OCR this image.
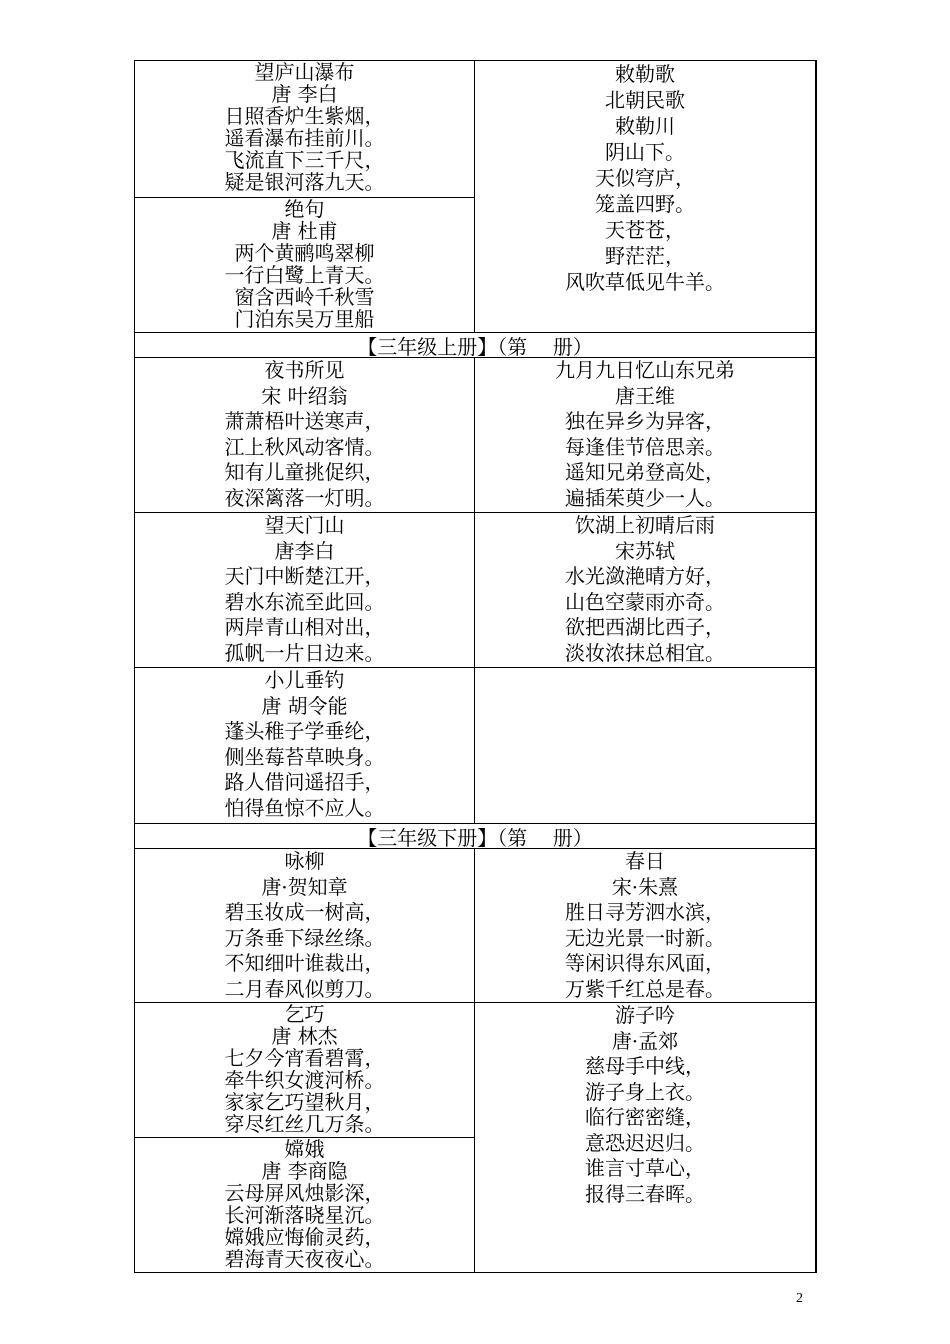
望庐山瀑布
唐 李白
日照香炉生紫烟，
遥看瀑布挂前川。
飞流直下三千尺，
疑是银河落九天。
绝句
唐 杜甫
两个黄鹂鸣翠柳
一行白鹭上青天。
窗含西岭千秋雪
门泊东吴万里船
敕勒歌
北朝民歌
敕勒川
阴山下。
天似穹庐，
笼盖四野。
天苍苍，
野茫茫，
风吹草低见牛羊。
【三年级上册】（第    册）
夜书所见
宋 叶绍翁
萧萧梧叶送寒声，
江上秋风动客情。
知有儿童挑促织，
夜深篱落一灯明。
九月九日忆山东兄弟
唐王维
独在异乡为异客，
每逢佳节倍思亲。
遥知兄弟登高处，
遍插茱萸少一人。
望天门山
唐李白
天门中断楚江开，
碧水东流至此回。
两岸青山相对出，
孤帆一片日边来。
饮湖上初晴后雨
宋苏轼
水光潋滟晴方好，
山色空蒙雨亦奇。
欲把西湖比西子，
淡妆浓抹总相宜。
小儿垂钓
唐 胡令能
蓬头稚子学垂纶，
侧坐莓苔草映身。
路人借问遥招手，
怕得鱼惊不应人。
【三年级下册】（第    册）
咏柳
唐·贺知章
碧玉妆成一树高，
万条垂下绿丝绦。
不知细叶谁裁出，
二月春风似剪刀。
春日
宋·朱熹
胜日寻芳泗水滨，
无边光景一时新。
等闲识得东风面，
万紫千红总是春。
乞巧
唐 林杰
七夕今宵看碧霄，
牵牛织女渡河桥。
家家乞巧望秋月，
穿尽红丝几万条。
嫦娥
唐 李商隐
云母屏风烛影深，
长河渐落晓星沉。
嫦娥应悔偷灵药，
碧海青天夜夜心。
游子吟
唐·孟郊
慈母手中线，
游子身上衣。
临行密密缝，
意恐迟迟归。
谁言寸草心，
报得三春晖。
2
